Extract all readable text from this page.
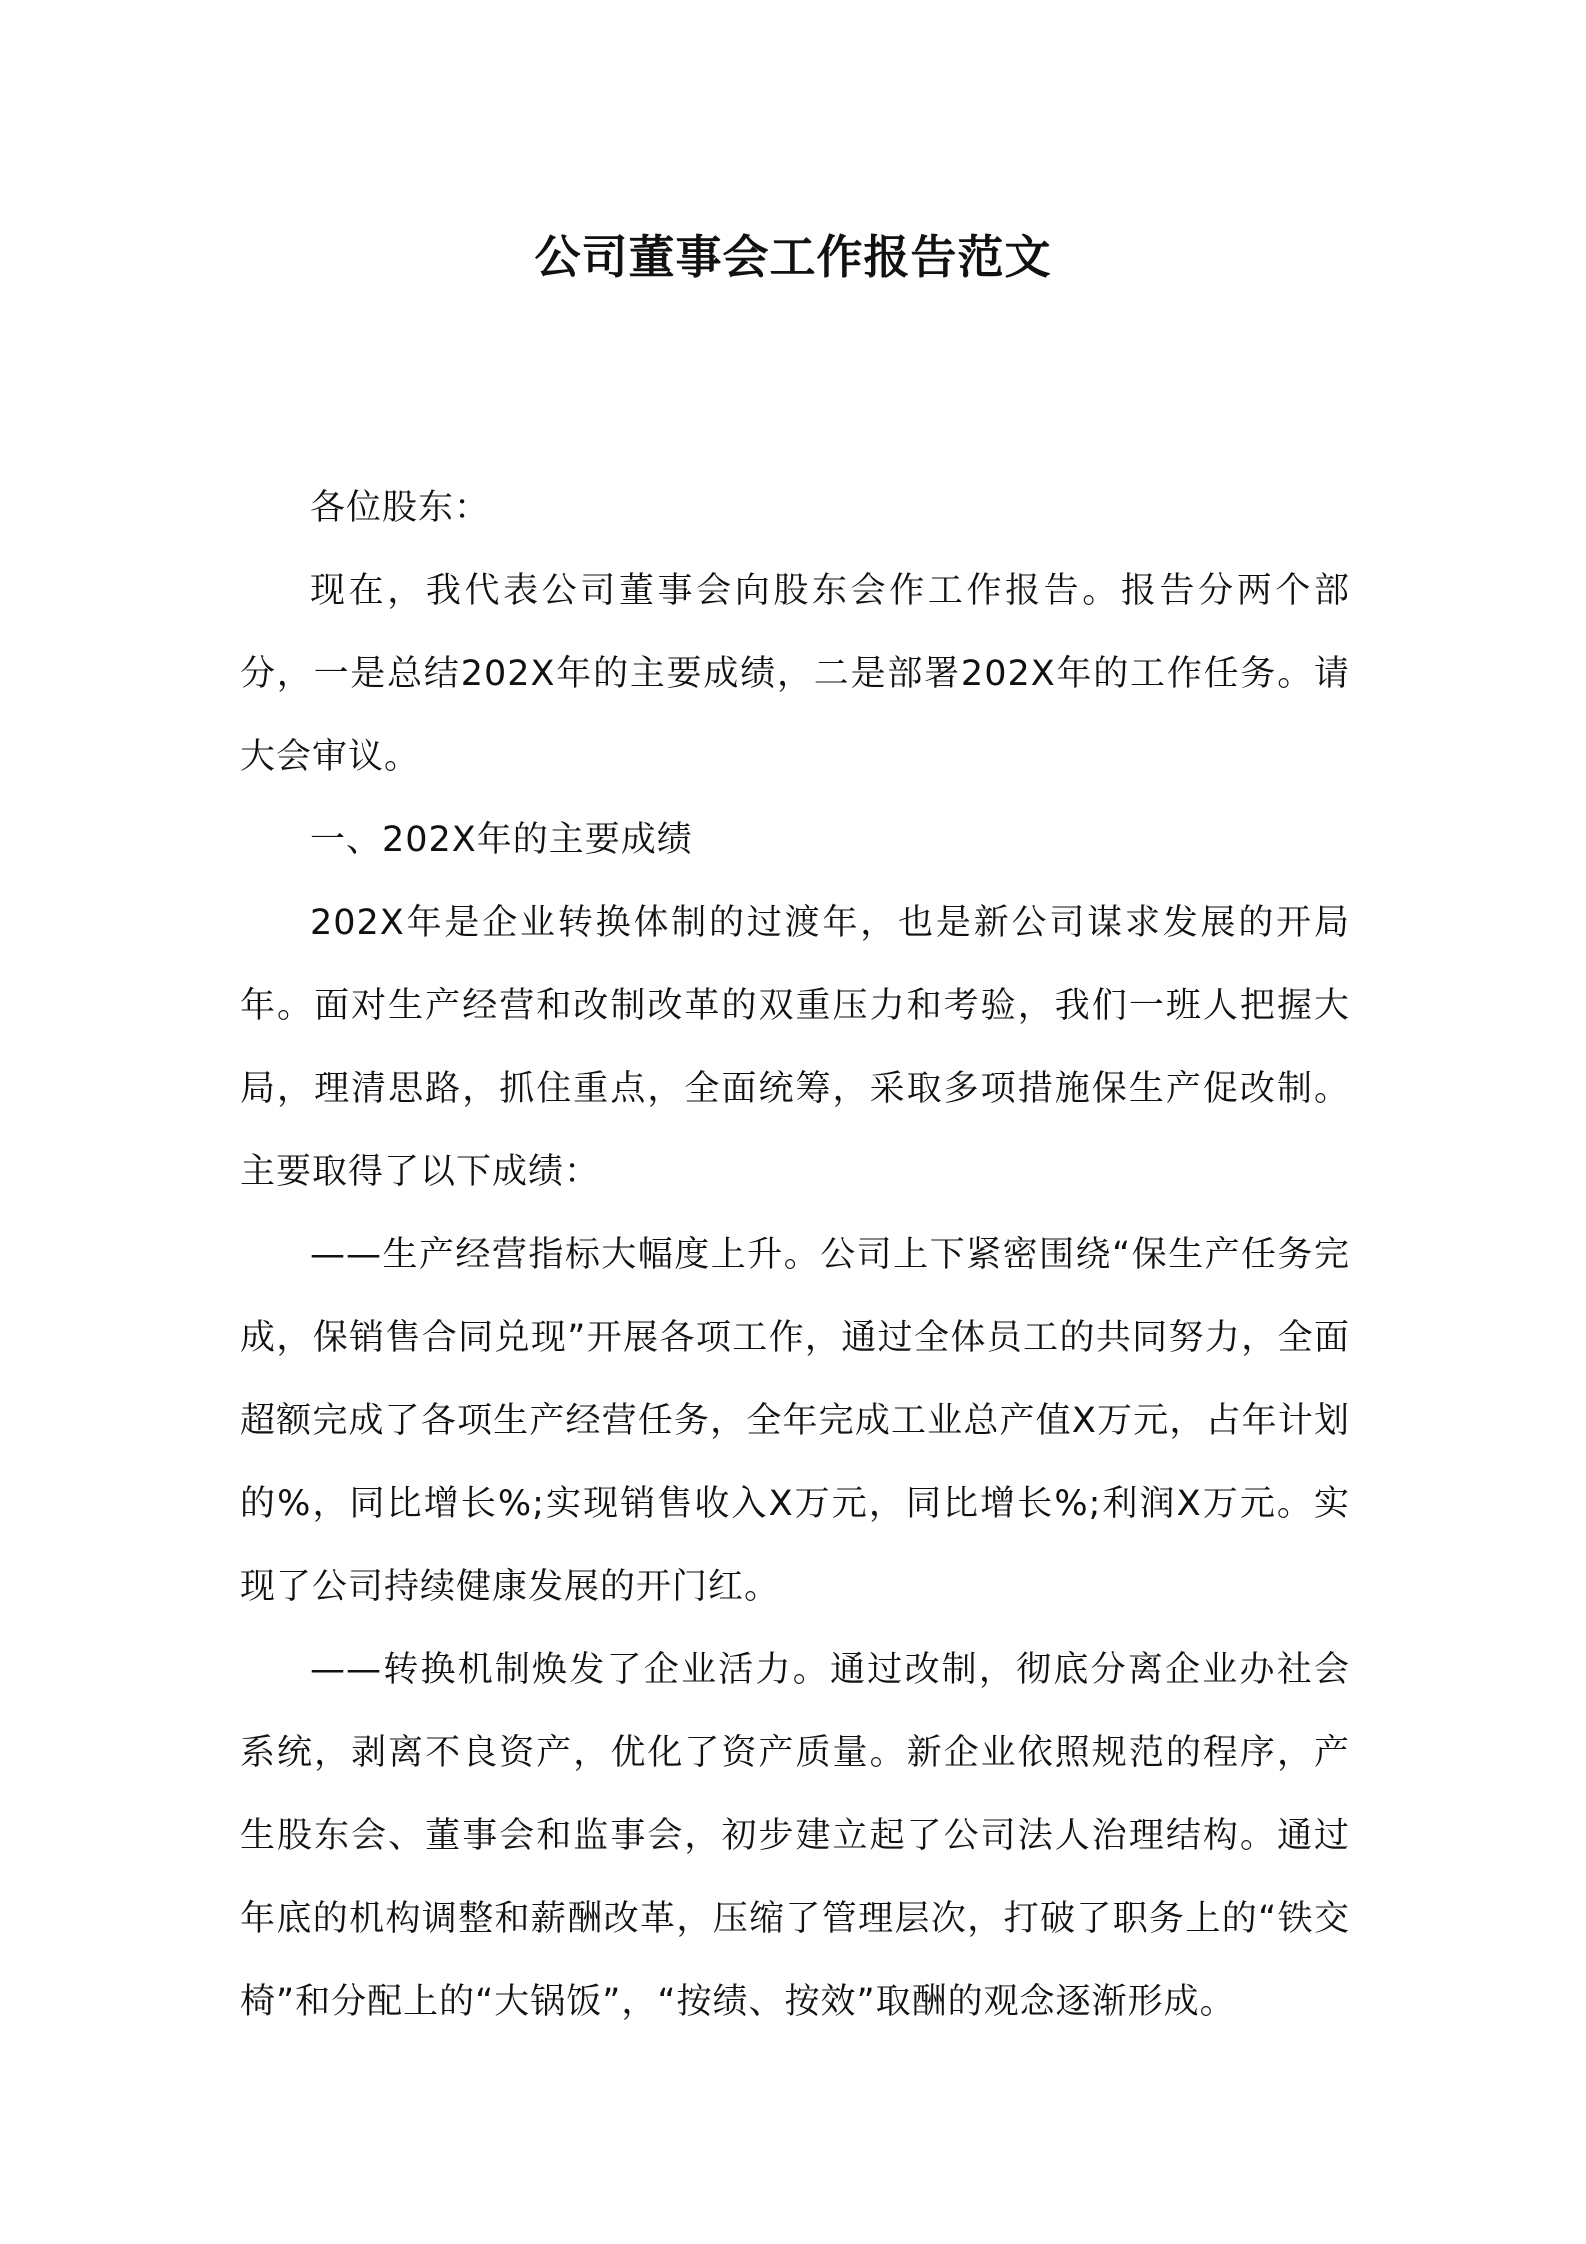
公司董事会工作报告范文

各位股东：

现在，我代表公司董事会向股东会作工作报告。报告分两个部分，一是总结202X年的主要成绩，二是部署202X年的工作任务。请大会审议。

一、202X年的主要成绩

202X年是企业转换体制的过渡年，也是新公司谋求发展的开局年。面对生产经营和改制改革的双重压力和考验，我们一班人把握大局，理清思路，抓住重点，全面统筹，采取多项措施保生产促改制。主要取得了以下成绩：

——生产经营指标大幅度上升。公司上下紧密围绕“保生产任务完成，保销售合同兑现”开展各项工作，通过全体员工的共同努力，全面超额完成了各项生产经营任务，全年完成工业总产值X万元，占年计划的%，同比增长%;实现销售收入X万元，同比增长%;利润X万元。实现了公司持续健康发展的开门红。

——转换机制焕发了企业活力。通过改制，彻底分离企业办社会系统，剥离不良资产，优化了资产质量。新企业依照规范的程序，产生股东会、董事会和监事会，初步建立起了公司法人治理结构。通过年底的机构调整和薪酬改革，压缩了管理层次，打破了职务上的“铁交椅”和分配上的“大锅饭”，“按绩、按效”取酬的观念逐渐形成。
